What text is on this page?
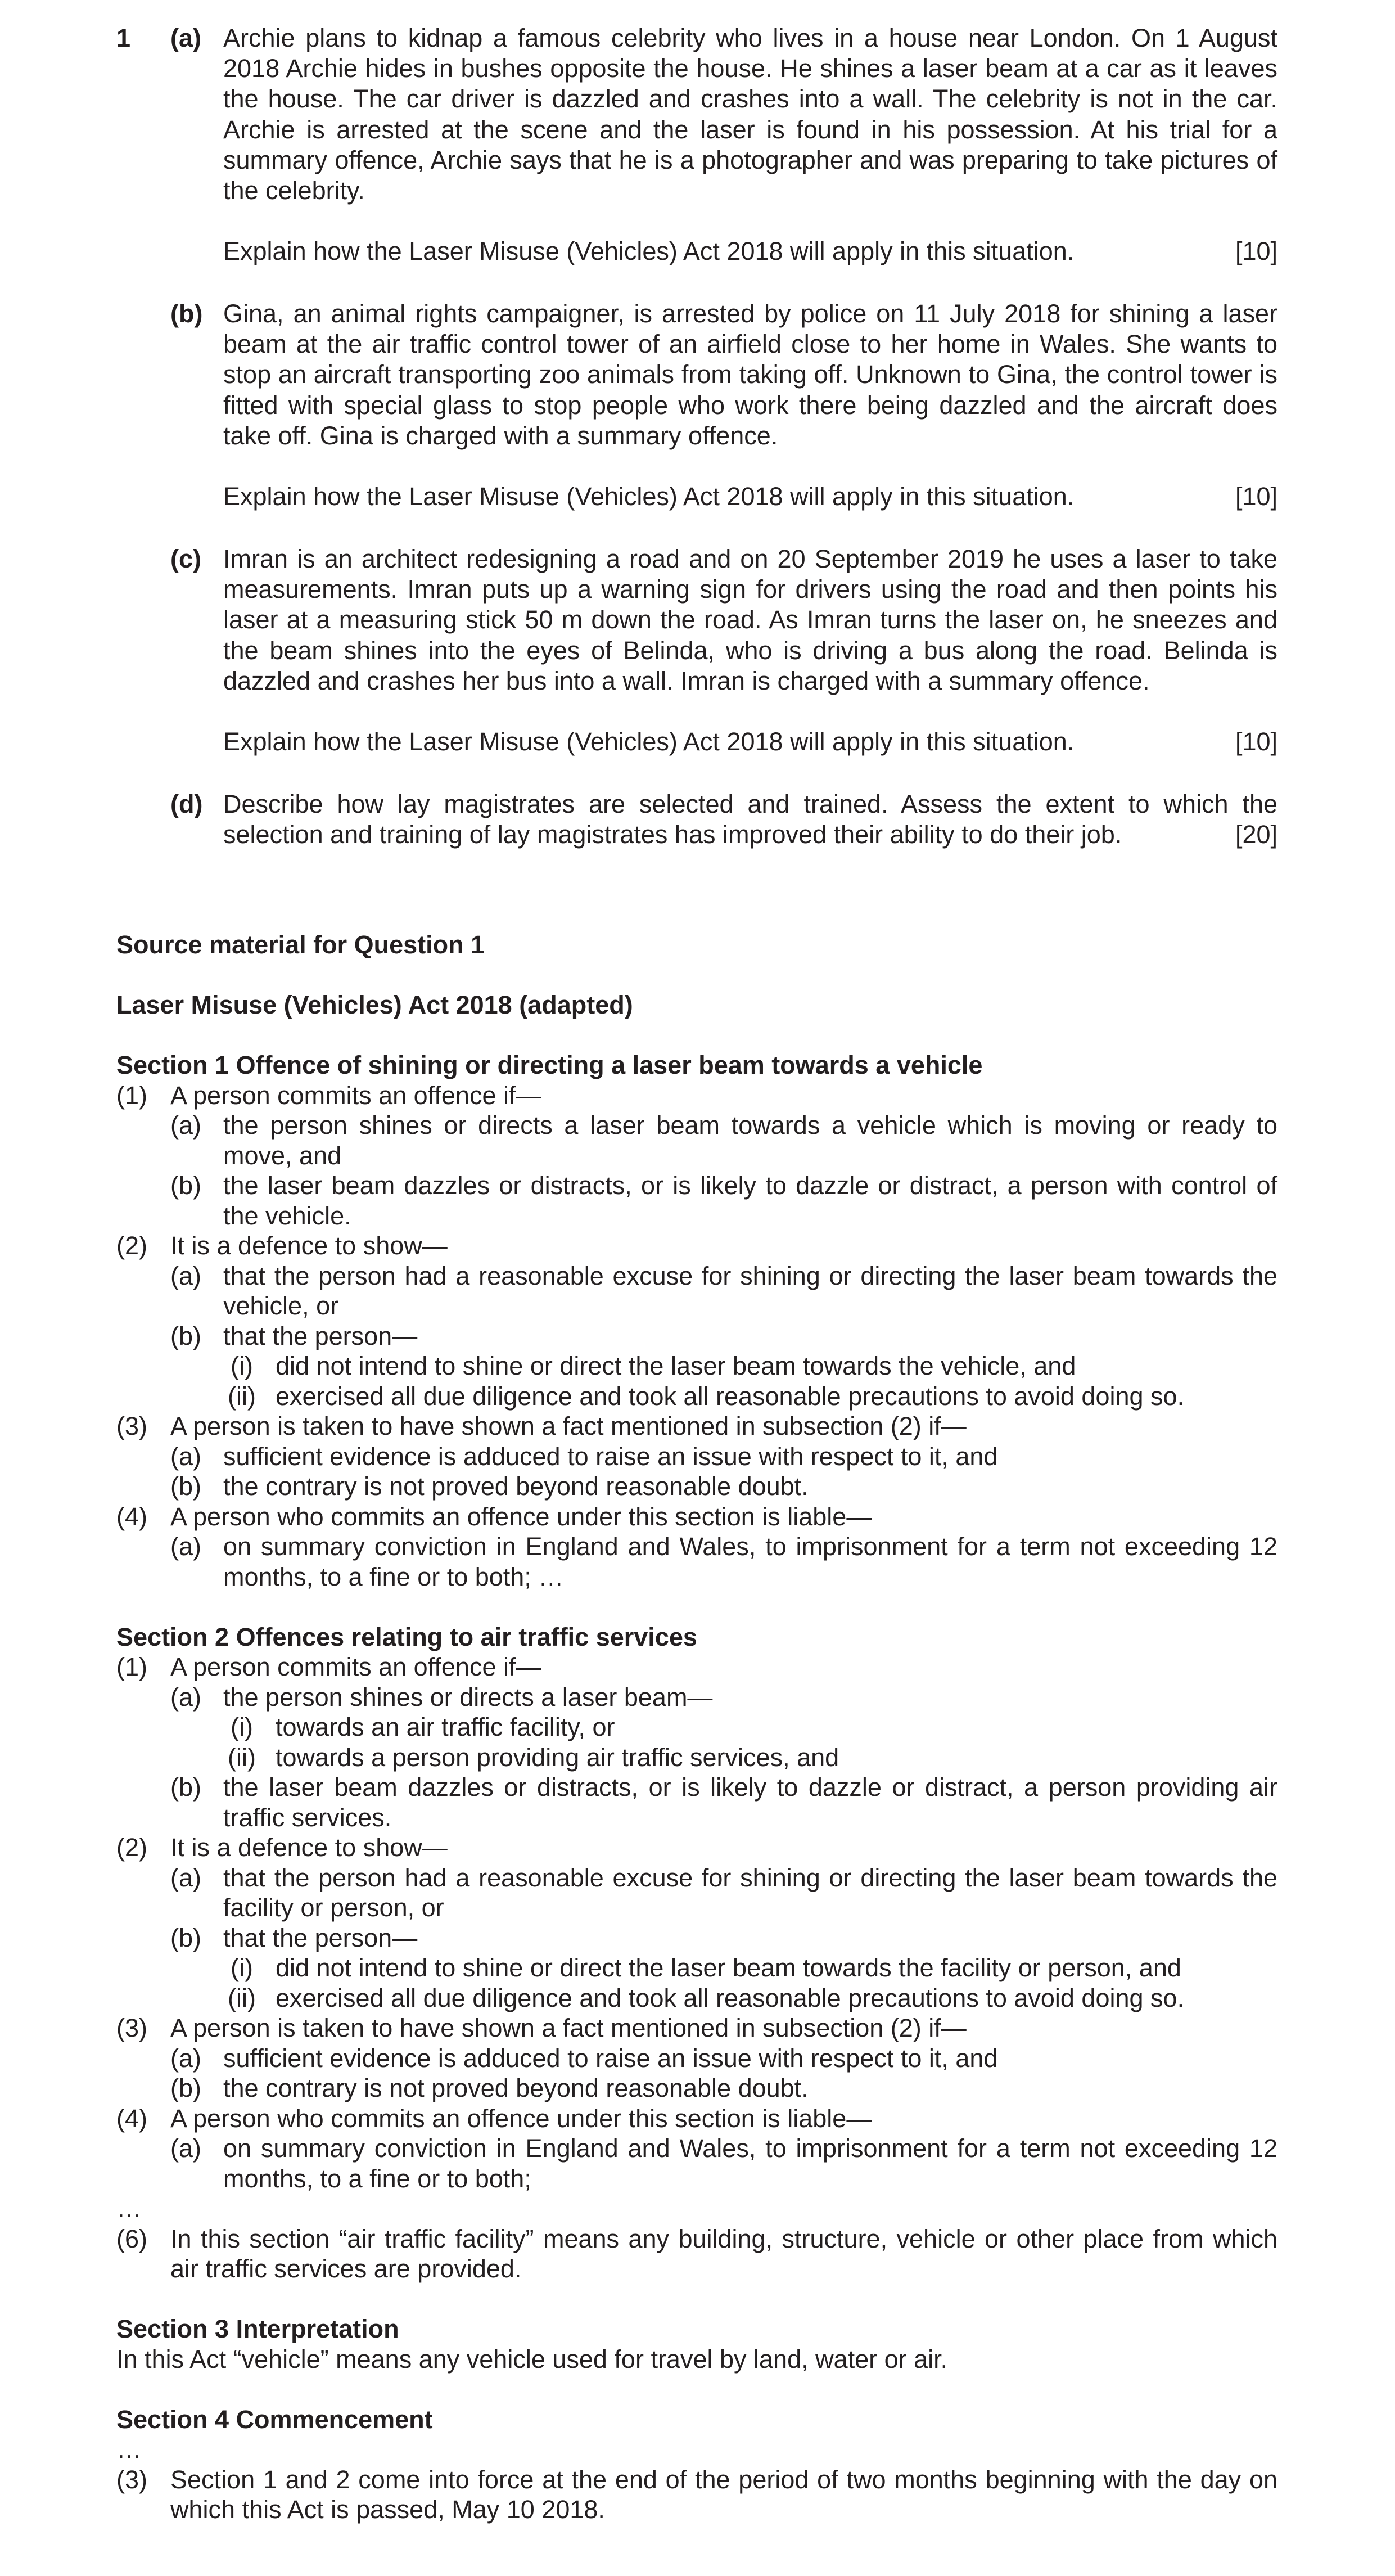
1 (a) Archie plans to kidnap a famous celebrity who lives in a house near London. On 1 August 2018 Archie hides in bushes opposite the house. He shines a laser beam at a car as it leaves the house. The car driver is dazzled and crashes into a wall. The celebrity is not in the car. Archie is arrested at the scene and the laser is found in his possession. At his trial for a summary offence, Archie says that he is a photographer and was preparing to take pictures of the celebrity.
Explain how the Laser Misuse (Vehicles) Act 2018 will apply in this situation.	[10]
(b) Gina, an animal rights campaigner, is arrested by police on 11 July 2018 for shining a laser beam at the air traffic control tower of an airfield close to her home in Wales. She wants to stop an aircraft transporting zoo animals from taking off. Unknown to Gina, the control tower is fitted with special glass to stop people who work there being dazzled and the aircraft does take off. Gina is charged with a summary offence.
Explain how the Laser Misuse (Vehicles) Act 2018 will apply in this situation.	[10]
(c) Imran is an architect redesigning a road and on 20 September 2019 he uses a laser to take measurements. Imran puts up a warning sign for drivers using the road and then points his laser at a measuring stick 50 m down the road. As Imran turns the laser on, he sneezes and the beam shines into the eyes of Belinda, who is driving a bus along the road. Belinda is dazzled and crashes her bus into a wall. Imran is charged with a summary offence.
Explain how the Laser Misuse (Vehicles) Act 2018 will apply in this situation.	[10]
(d) Describe how lay magistrates are selected and trained. Assess the extent to which the
selection and training of lay magistrates has improved their ability to do their job.	[20]
Source material for Question 1
Laser Misuse (Vehicles) Act 2018 (adapted)
Section 1 Offence of shining or directing a laser beam towards a vehicle
(1) A person commits an offence if—
(a) the person shines or directs a laser beam towards a vehicle which is moving or ready to move, and
(b) the laser beam dazzles or distracts, or is likely to dazzle or distract, a person with control of the vehicle.
(2) It is a defence to show—
(a) that the person had a reasonable excuse for shining or directing the laser beam towards the vehicle, or
(b) that the person—
(i) did not intend to shine or direct the laser beam towards the vehicle, and
(ii) exercised all due diligence and took all reasonable precautions to avoid doing so.
(3) A person is taken to have shown a fact mentioned in subsection (2) if—
(a) sufficient evidence is adduced to raise an issue with respect to it, and
(b) the contrary is not proved beyond reasonable doubt.
(4) A person who commits an offence under this section is liable—
(a) on summary conviction in England and Wales, to imprisonment for a term not exceeding 12 months, to a fine or to both; …
Section 2 Offences relating to air traffic services
(1) A person commits an offence if—
(a) the person shines or directs a laser beam—
(i) towards an air traffic facility, or
(ii) towards a person providing air traffic services, and
(b) the laser beam dazzles or distracts, or is likely to dazzle or distract, a person providing air traffic services.
(2) It is a defence to show—
(a) that the person had a reasonable excuse for shining or directing the laser beam towards the facility or person, or
(b) that the person—
(i) did not intend to shine or direct the laser beam towards the facility or person, and
(ii) exercised all due diligence and took all reasonable precautions to avoid doing so.
(3) A person is taken to have shown a fact mentioned in subsection (2) if—
(a) sufficient evidence is adduced to raise an issue with respect to it, and
(b) the contrary is not proved beyond reasonable doubt.
(4) A person who commits an offence under this section is liable—
(a) on summary conviction in England and Wales, to imprisonment for a term not exceeding 12 months, to a fine or to both;
…
(6) In this section “air traffic facility” means any building, structure, vehicle or other place from which air traffic services are provided.
Section 3 Interpretation
In this Act “vehicle” means any vehicle used for travel by land, water or air.
Section 4 Commencement
…
(3) Section 1 and 2 come into force at the end of the period of two months beginning with the day on which this Act is passed, May 10 2018.
